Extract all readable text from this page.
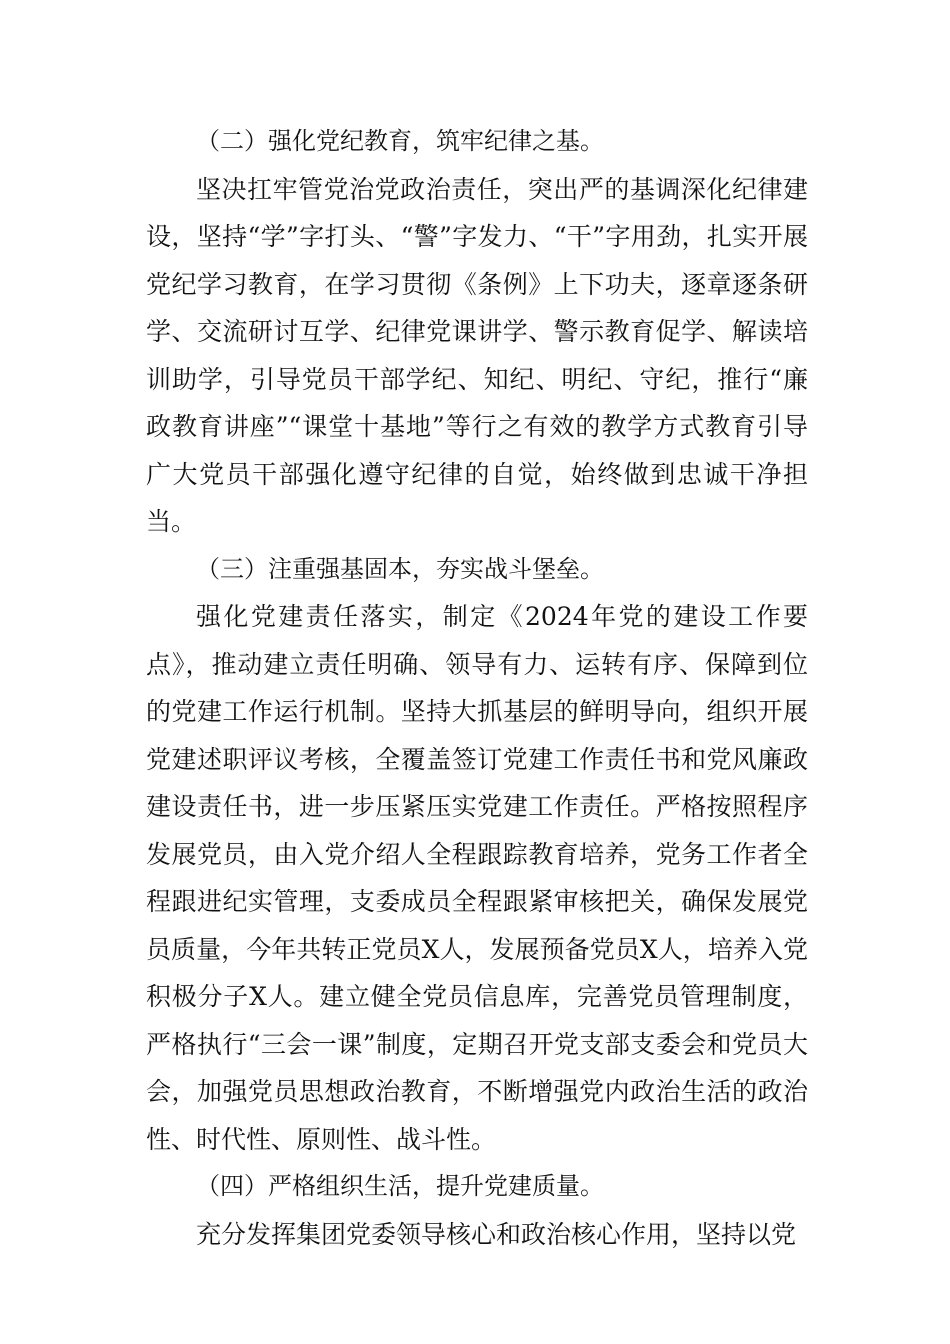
（二）强化党纪教育，筑牢纪律之基。

坚决扛牢管党治党政治责任，突出严的基调深化纪律建设，坚持“学”字打头、“警”字发力、“干”字用劲，扎实开展党纪学习教育，在学习贯彻《条例》上下功夫，逐章逐条研学、交流研讨互学、纪律党课讲学、警示教育促学、解读培训助学，引导党员干部学纪、知纪、明纪、守纪，推行“廉政教育讲座”“课堂十基地”等行之有效的教学方式教育引导广大党员干部强化遵守纪律的自觉，始终做到忠诚干净担当。

（三）注重强基固本，夯实战斗堡垒。

强化党建责任落实，制定《2024年党的建设工作要点》，推动建立责任明确、领导有力、运转有序、保障到位的党建工作运行机制。坚持大抓基层的鲜明导向，组织开展党建述职评议考核，全覆盖签订党建工作责任书和党风廉政建设责任书，进一步压紧压实党建工作责任。严格按照程序发展党员，由入党介绍人全程跟踪教育培养，党务工作者全程跟进纪实管理，支委成员全程跟紧审核把关，确保发展党员质量，今年共转正党员X人，发展预备党员X人，培养入党积极分子X人。建立健全党员信息库，完善党员管理制度，严格执行“三会一课”制度，定期召开党支部支委会和党员大会，加强党员思想政治教育，不断增强党内政治生活的政治性、时代性、原则性、战斗性。

（四）严格组织生活，提升党建质量。

充分发挥集团党委领导核心和政治核心作用，坚持以党
